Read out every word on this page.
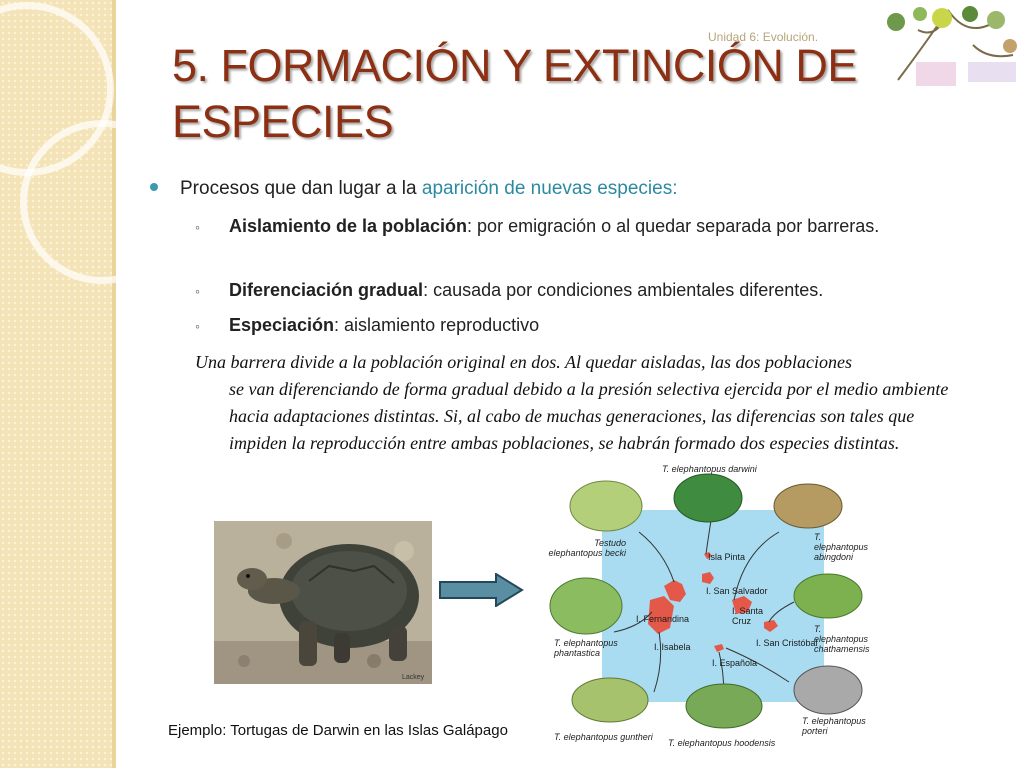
Unidad 6: Evolución.
5. FORMACIÓN Y EXTINCIÓN DE ESPECIES
Procesos que dan lugar a la aparición de nuevas especies:
◦ Aislamiento de la población: por emigración o al quedar separada por barreras.
◦ Diferenciación gradual: causada por condiciones ambientales diferentes.
◦ Especiación: aislamiento reproductivo
Una barrera divide a la población original en dos. Al quedar aisladas, las dos poblaciones
se van diferenciando de forma gradual debido a la presión selectiva ejercida por el medio ambiente hacia adaptaciones distintas. Si, al cabo de muchas generaciones, las diferencias son tales que impiden la reproducción entre ambas poblaciones, se habrán formado dos especies distintas.
Lackey
T. elephantopus darwini
Testudo elephantopus becki
T. elephantopus abingdoni
T. elephantopus chathamensis
T. elephantopus phantastica
T. elephantopus porteri
T. elephantopus guntheri
T. elephantopus hoodensis
Isla Pinta
I. San Salvador
I. Santa Cruz
I. Fernandina
I. Isabela	I. San Cristóbal
I. Española
Ejemplo: Tortugas de Darwin en las Islas Galápago
